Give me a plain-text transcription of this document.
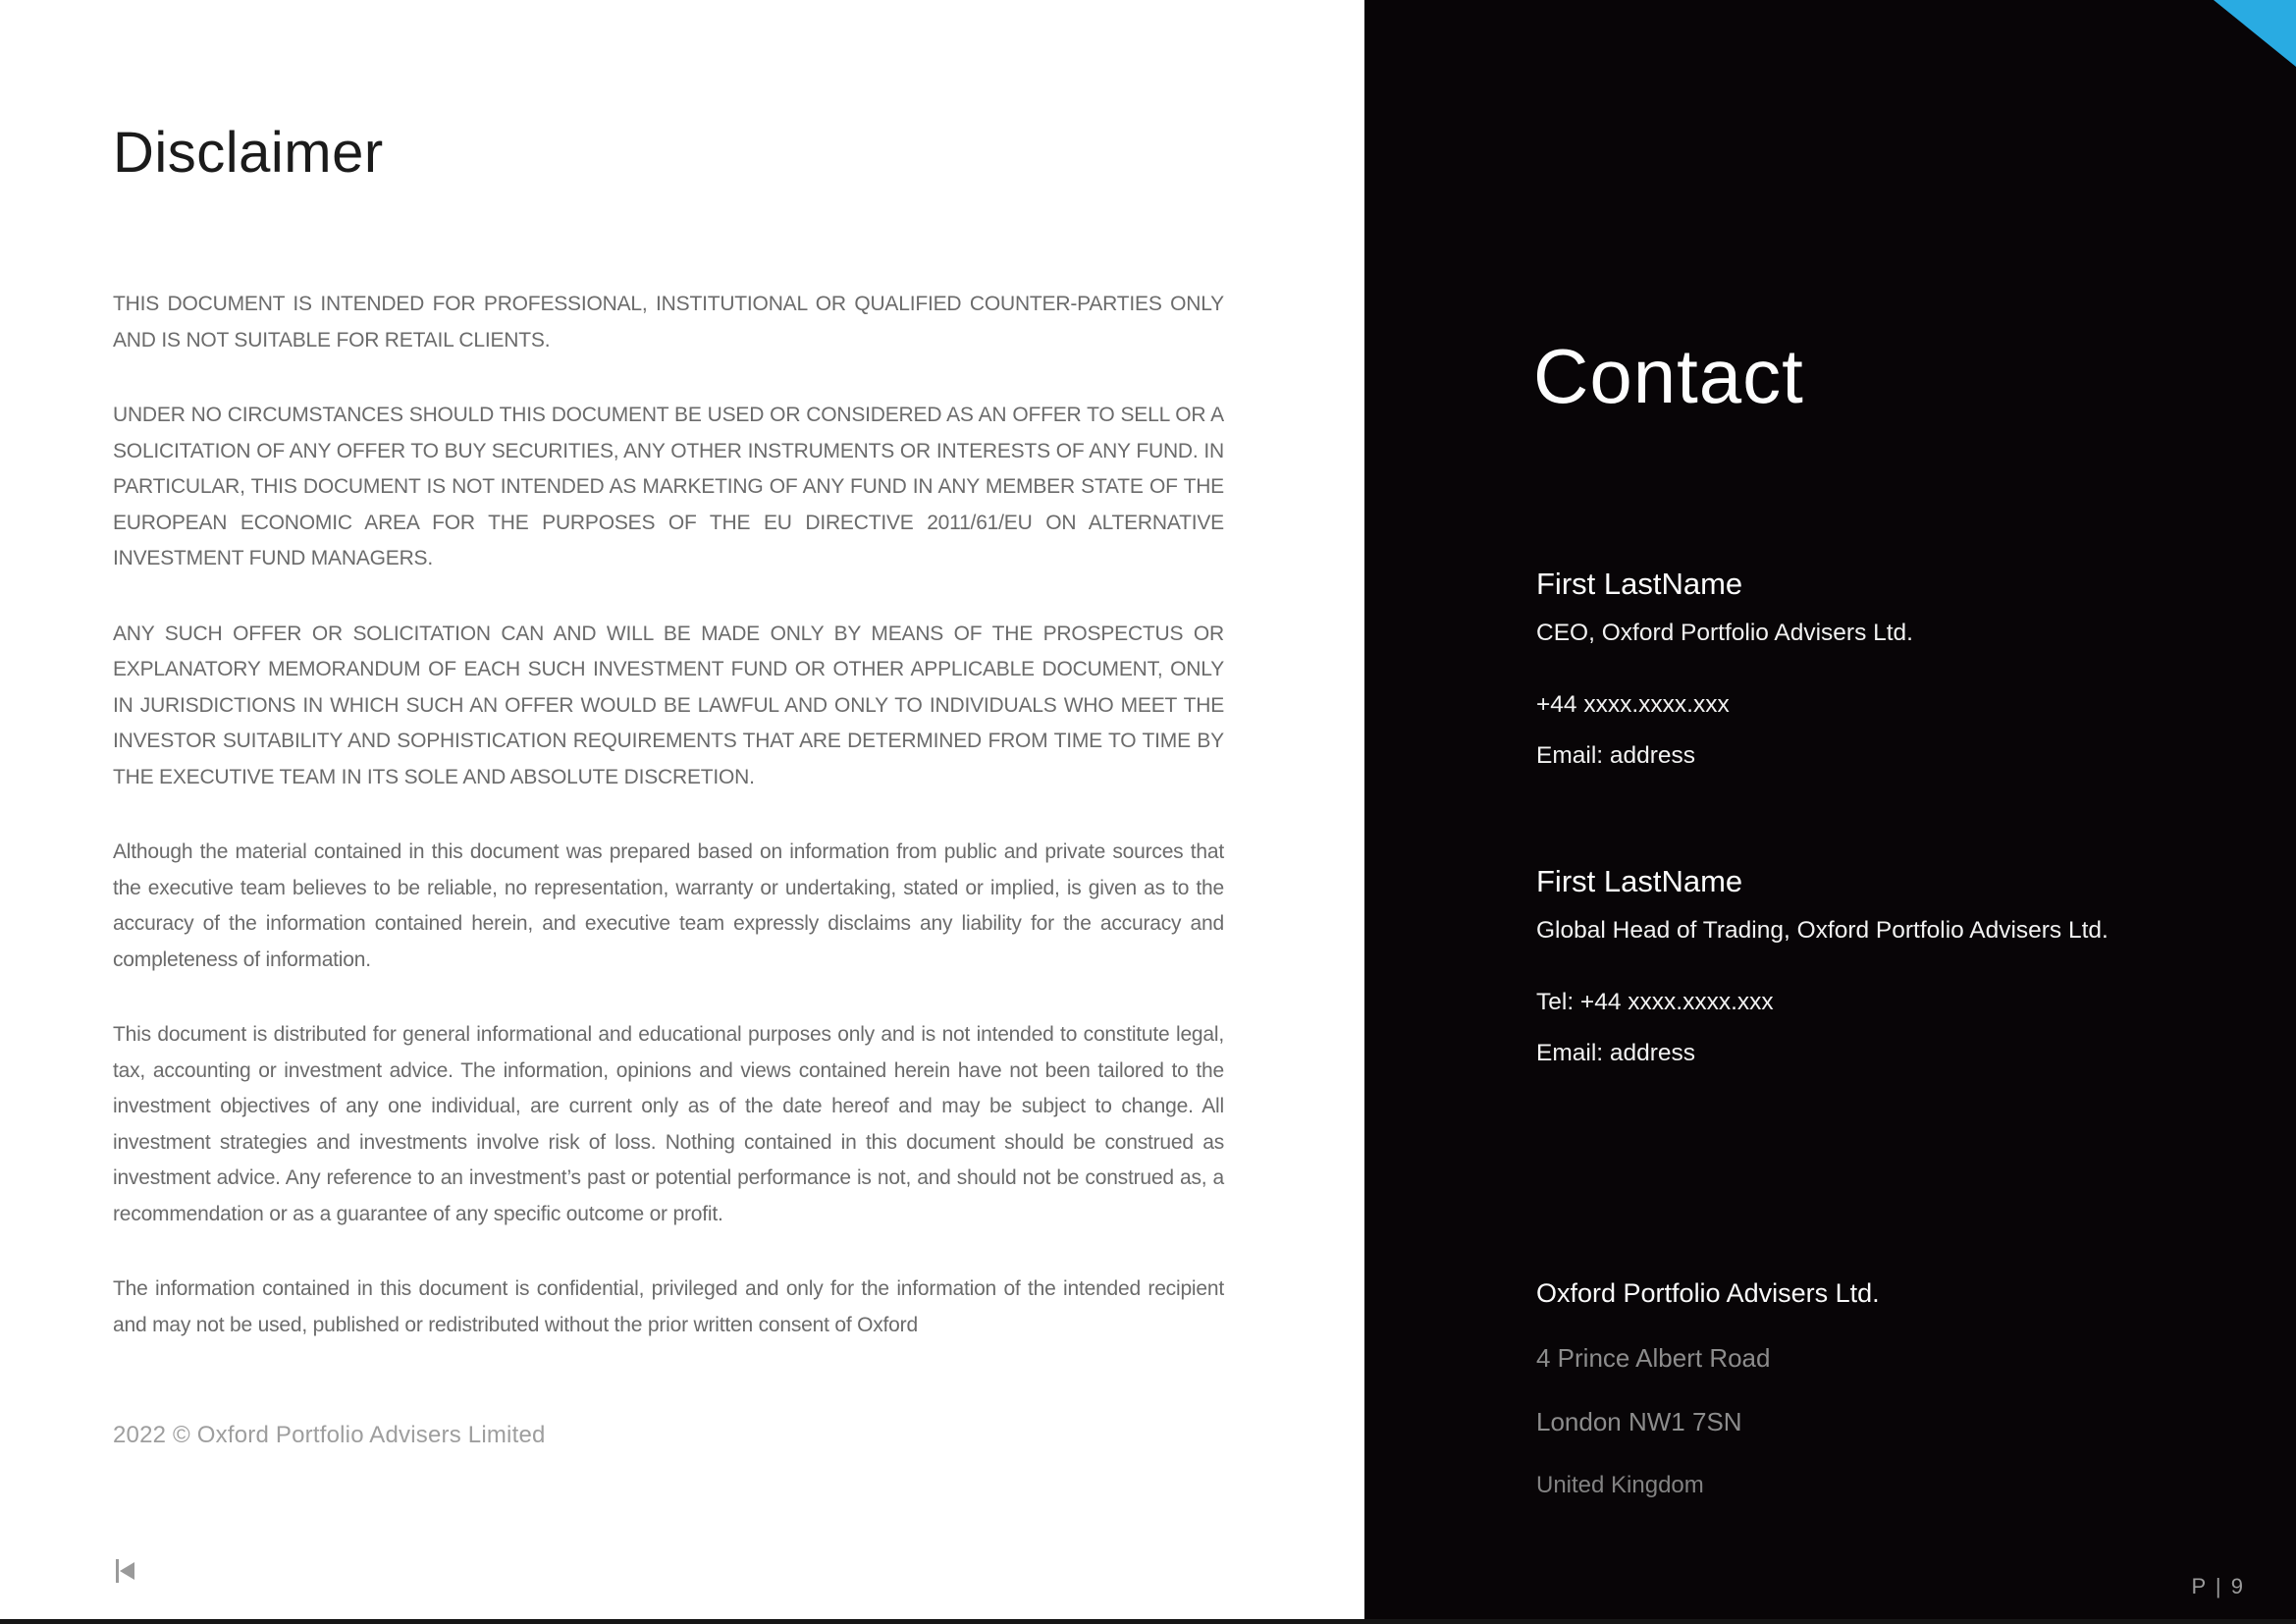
Disclaimer

THIS DOCUMENT IS INTENDED FOR PROFESSIONAL, INSTITUTIONAL OR QUALIFIED COUNTER-PARTIES ONLY AND IS NOT SUITABLE FOR RETAIL CLIENTS.

UNDER NO CIRCUMSTANCES SHOULD THIS DOCUMENT BE USED OR CONSIDERED AS AN OFFER TO SELL OR A SOLICITATION OF ANY OFFER TO BUY SECURITIES, ANY OTHER INSTRUMENTS OR INTERESTS OF ANY FUND. IN PARTICULAR, THIS DOCUMENT IS NOT INTENDED AS MARKETING OF ANY FUND IN ANY MEMBER STATE OF THE EUROPEAN ECONOMIC AREA FOR THE PURPOSES OF THE EU DIRECTIVE 2011/61/EU ON ALTERNATIVE INVESTMENT FUND MANAGERS.

ANY SUCH OFFER OR SOLICITATION CAN AND WILL BE MADE ONLY BY MEANS OF THE PROSPECTUS OR EXPLANATORY MEMORANDUM OF EACH SUCH INVESTMENT FUND OR OTHER APPLICABLE DOCUMENT, ONLY IN JURISDICTIONS IN WHICH SUCH AN OFFER WOULD BE LAWFUL AND ONLY TO INDIVIDUALS WHO MEET THE INVESTOR SUITABILITY AND SOPHISTICATION REQUIREMENTS THAT ARE DETERMINED FROM TIME TO TIME BY THE EXECUTIVE TEAM IN ITS SOLE AND ABSOLUTE DISCRETION.

Although the material contained in this document was prepared based on information from public and private sources that the executive team believes to be reliable, no representation, warranty or undertaking, stated or implied, is given as to the accuracy of the information contained herein, and executive team expressly disclaims any liability for the accuracy and completeness of information.

This document is distributed for general informational and educational purposes only and is not intended to constitute legal, tax, accounting or investment advice. The information, opinions and views contained herein have not been tailored to the investment objectives of any one individual, are current only as of the date hereof and may be subject to change. All investment strategies and investments involve risk of loss. Nothing contained in this document should be construed as investment advice. Any reference to an investment’s past or potential performance is not, and should not be construed as, a recommendation or as a guarantee of any specific outcome or profit.

The information contained in this document is confidential, privileged and only for the information of the intended recipient and may not be used, published or redistributed without the prior written consent of Oxford

2022 © Oxford Portfolio Advisers Limited
Contact
First LastName
CEO, Oxford Portfolio Advisers Ltd.
+44 xxxx.xxxx.xxx
Email: address
First LastName
Global Head of Trading, Oxford Portfolio Advisers Ltd.
Tel: +44 xxxx.xxxx.xxx
Email: address
Oxford Portfolio Advisers Ltd.
4 Prince Albert Road
London NW1 7SN
United Kingdom
P | 9
